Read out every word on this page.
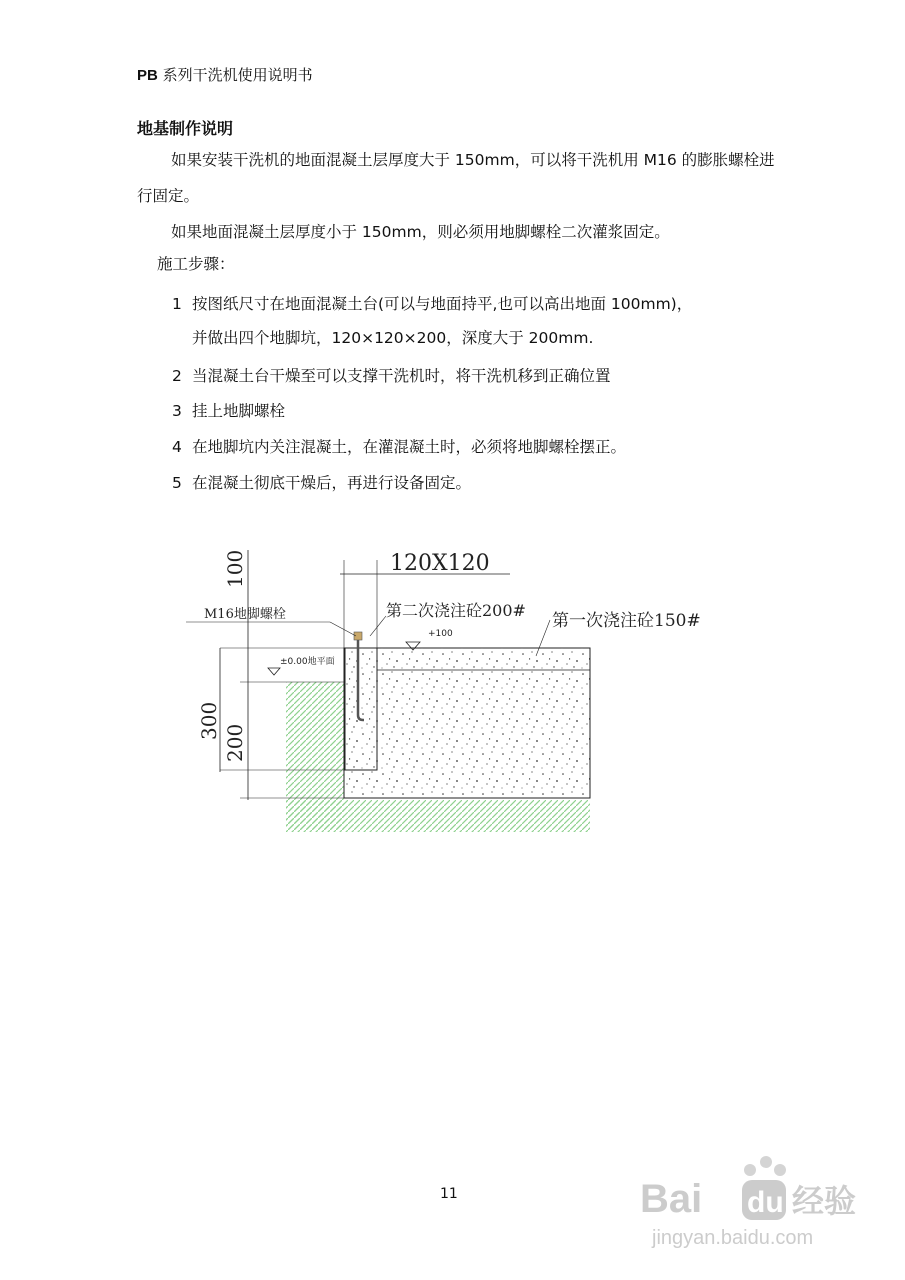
PB 系列干洗机使用说明书
地基制作说明
如果安装干洗机的地面混凝土层厚度大于 150mm，可以将干洗机用 M16 的膨胀螺栓进行固定。
如果地面混凝土层厚度小于 150mm，则必须用地脚螺栓二次灌浆固定。
施工步骤：
1 按图纸尺寸在地面混凝土台(可以与地面持平,也可以高出地面 100mm)，
并做出四个地脚坑，120×120×200，深度大于 200mm.
2 当混凝土台干燥至可以支撑干洗机时，将干洗机移到正确位置
3 挂上地脚螺栓
4 在地脚坑内关注混凝土，在灌混凝土时，必须将地脚螺栓摆正。
5 在混凝土彻底干燥后，再进行设备固定。
120X120
100
300
200
M16地脚螺栓	第二次浇注砼200#
第一次浇注砼150#
+100
±0.00地平面
11	Bai du 经验
jingyan.baidu.com
